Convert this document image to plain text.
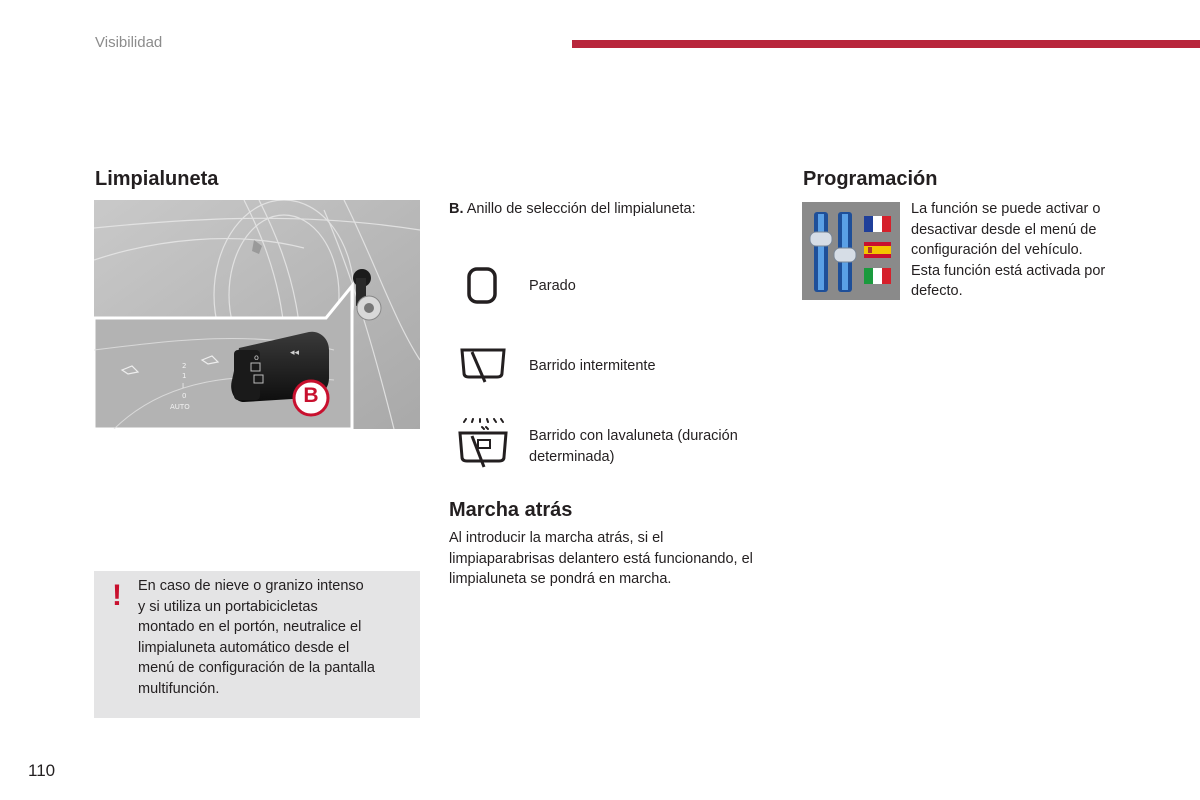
Visibilidad
Limpialuneta
2
1
I
0
AUTO
o	◂◂
B
! En caso de nieve o granizo intenso
y si utiliza un portabicicletas
montado en el portón, neutralice el
limpialuneta automático desde el
menú de configuración de la pantalla
multifunción.
B. Anillo de selección del limpialuneta:
Parado
Barrido intermitente
Barrido con lavaluneta (duración
determinada)
Marcha atrás
Al introducir la marcha atrás, si el
limpiaparabrisas delantero está funcionando, el
limpialuneta se pondrá en marcha.
Programación
La función se puede activar o
desactivar desde el menú de
configuración del vehículo.
Esta función está activada por
defecto.
110
